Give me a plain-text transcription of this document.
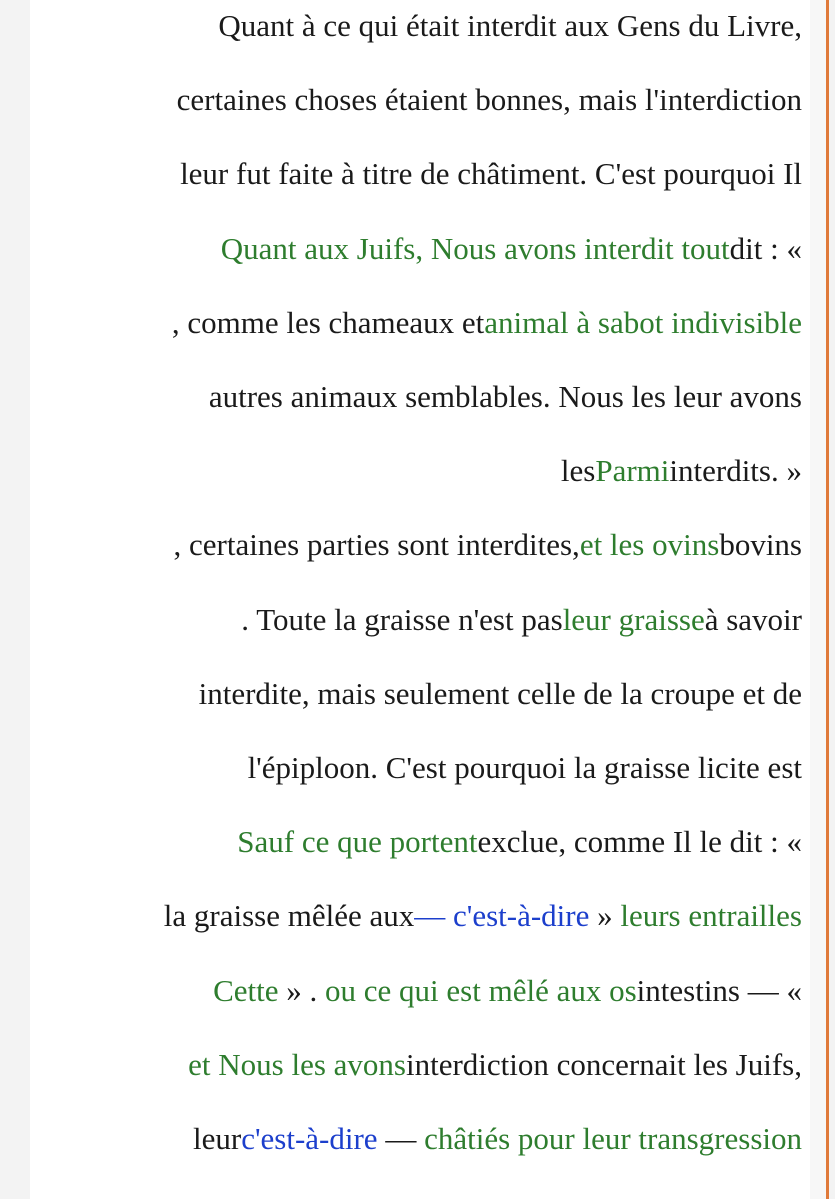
Quant à ce qui était interdit aux Gens du Livre,
certaines choses étaient bonnes, mais l'interdiction
leur fut faite à titre de châtiment. C'est pourquoi Il
Quant aux Juifs, Nous avons interdit toutdit : «
, comme les chameaux etanimal à sabot indivisible
autres animaux semblables. Nous les leur avons
lesParmiinterdits. »
, certaines parties sont interdites,et les ovinsbovins
. Toute la graisse n'est pasleur graisseà savoir
interdite, mais seulement celle de la croupe et de
l'épiploon. C'est pourquoi la graisse licite est
Sauf ce que portentexclue, comme Il le dit : «
la graisse mêlée aux— c'est-à-dire » leurs entrailles
Cette » . ou ce qui est mêlé aux osintestins — «
et Nous les avonsinterdiction concernait les Juifs,
leurc'est-à-dire — châtiés pour leur transgression
